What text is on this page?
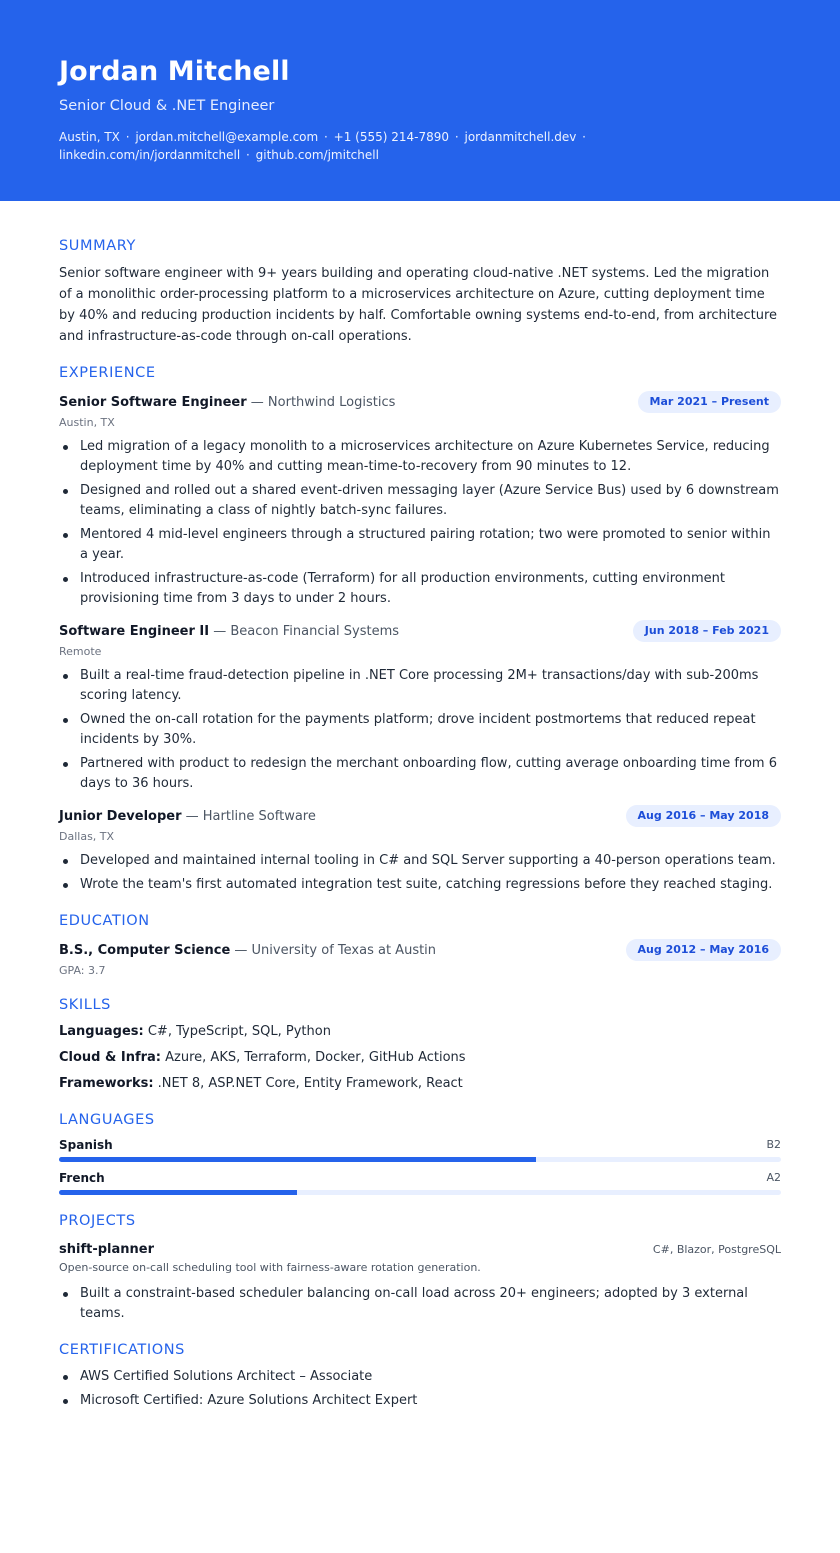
Jordan Mitchell
Senior Cloud & .NET Engineer
Austin, TX · jordan.mitchell@example.com · +1 (555) 214-7890 · jordanmitchell.dev · linkedin.com/in/jordanmitchell · github.com/jmitchell
SUMMARY
Senior software engineer with 9+ years building and operating cloud-native .NET systems. Led the migration of a monolithic order-processing platform to a microservices architecture on Azure, cutting deployment time by 40% and reducing production incidents by half. Comfortable owning systems end-to-end, from architecture and infrastructure-as-code through on-call operations.
EXPERIENCE
Senior Software Engineer — Northwind Logistics	Mar 2021 – Present
Austin, TX
Led migration of a legacy monolith to a microservices architecture on Azure Kubernetes Service, reducing deployment time by 40% and cutting mean-time-to-recovery from 90 minutes to 12.
Designed and rolled out a shared event-driven messaging layer (Azure Service Bus) used by 6 downstream teams, eliminating a class of nightly batch-sync failures.
Mentored 4 mid-level engineers through a structured pairing rotation; two were promoted to senior within a year.
Introduced infrastructure-as-code (Terraform) for all production environments, cutting environment provisioning time from 3 days to under 2 hours.
Software Engineer II — Beacon Financial Systems	Jun 2018 – Feb 2021
Remote
Built a real-time fraud-detection pipeline in .NET Core processing 2M+ transactions/day with sub-200ms scoring latency.
Owned the on-call rotation for the payments platform; drove incident postmortems that reduced repeat incidents by 30%.
Partnered with product to redesign the merchant onboarding flow, cutting average onboarding time from 6 days to 36 hours.
Junior Developer — Hartline Software	Aug 2016 – May 2018
Dallas, TX
Developed and maintained internal tooling in C# and SQL Server supporting a 40-person operations team.
Wrote the team's first automated integration test suite, catching regressions before they reached staging.
EDUCATION
B.S., Computer Science — University of Texas at Austin	Aug 2012 – May 2016
GPA: 3.7
SKILLS
Languages: C#, TypeScript, SQL, Python
Cloud & Infra: Azure, AKS, Terraform, Docker, GitHub Actions
Frameworks: .NET 8, ASP.NET Core, Entity Framework, React
LANGUAGES
Spanish	B2
French	A2
PROJECTS
shift-planner	C#, Blazor, PostgreSQL
Open-source on-call scheduling tool with fairness-aware rotation generation.
Built a constraint-based scheduler balancing on-call load across 20+ engineers; adopted by 3 external teams.
CERTIFICATIONS
AWS Certified Solutions Architect – Associate
Microsoft Certified: Azure Solutions Architect Expert
